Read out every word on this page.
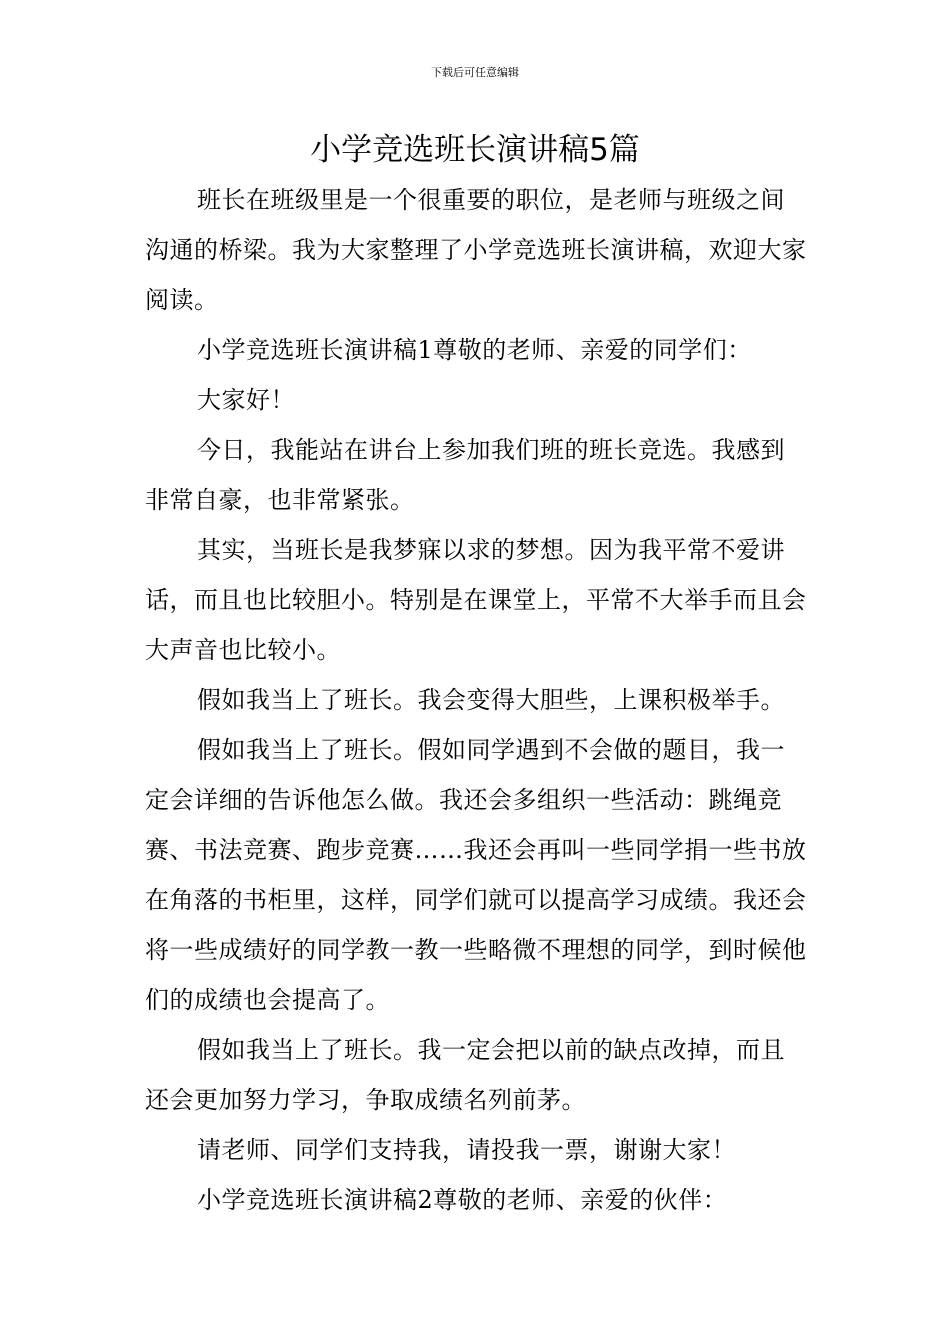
下载后可任意编辑
小学竞选班长演讲稿5篇

班长在班级里是一个很重要的职位，是老师与班级之间沟通的桥梁。我为大家整理了小学竞选班长演讲稿，欢迎大家阅读。

小学竞选班长演讲稿1尊敬的老师、亲爱的同学们：

大家好！

今日，我能站在讲台上参加我们班的班长竞选。我感到非常自豪，也非常紧张。

其实，当班长是我梦寐以求的梦想。因为我平常不爱讲话，而且也比较胆小。特别是在课堂上，平常不大举手而且会大声音也比较小。

假如我当上了班长。我会变得大胆些，上课积极举手。

假如我当上了班长。假如同学遇到不会做的题目，我一定会详细的告诉他怎么做。我还会多组织一些活动：跳绳竞赛、书法竞赛、跑步竞赛……我还会再叫一些同学捐一些书放在角落的书柜里，这样，同学们就可以提高学习成绩。我还会将一些成绩好的同学教一教一些略微不理想的同学，到时候他们的成绩也会提高了。

假如我当上了班长。我一定会把以前的缺点改掉，而且还会更加努力学习，争取成绩名列前茅。

请老师、同学们支持我，请投我一票，谢谢大家！

小学竞选班长演讲稿2尊敬的老师、亲爱的伙伴：
